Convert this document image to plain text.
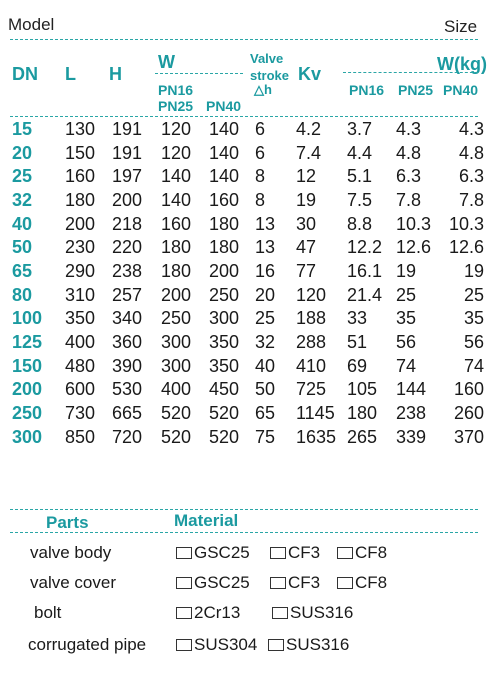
Model	Size
DN L H
W
PN16
PN25 PN40
Valve
stroke
△h
Kv	W(kg)
PN16 PN25 PN40
15	130	191	120	140	6	4.2	3.7	4.3	4.3
20	150	191	120	140	6	7.4	4.4	4.8	4.8
25	160	197	140	140	8	12	5.1	6.3	6.3
32	180	200	140	160	8	19	7.5	7.8	7.8
40	200	218	160	180	13	30	8.8	10.3	10.3
50	230	220	180	180	13	47	12.2	12.6	12.6
65	290	238	180	200	16	77	16.1	19	19
80	310	257	200	250	20	120	21.4	25	25
100	350	340	250	300	25	188	33	35	35
125	400	360	300	350	32	288	51	56	56
150	480	390	300	350	40	410	69	74	74
200	600	530	400	450	50	725	105	144	160
250	730	665	520	520	65	1145	180	238	260
300	850	720	520	520	75	1635	265	339	370
Parts	Material
valve body	GSC25	CF3	CF8
valve cover	GSC25	CF3	CF8
bolt	2Cr13	SUS316
corrugated pipe	SUS304	SUS316
